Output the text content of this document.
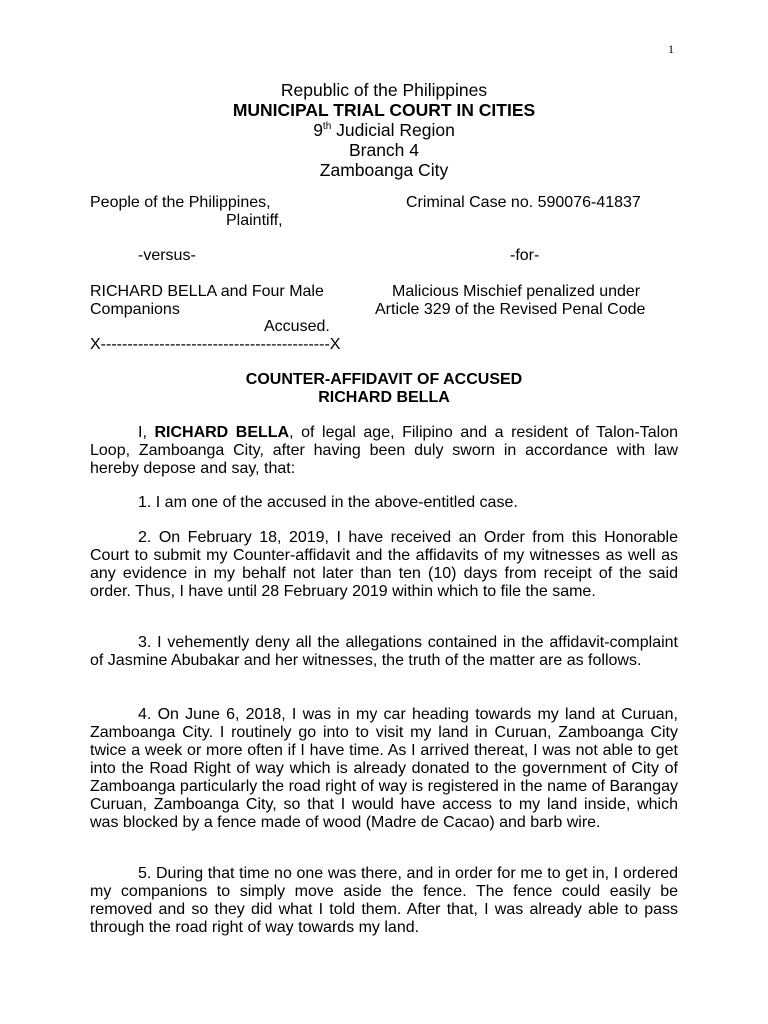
1
Republic of the Philippines
MUNICIPAL TRIAL COURT IN CITIES
9th Judicial Region
Branch 4
Zamboanga City
People of the Philippines,
Plaintiff,
Criminal Case no. 590076-41837
-versus-	-for-
RICHARD BELLA and Four Male
Companions
Malicious Mischief penalized under
Article 329 of the Revised Penal Code
Accused.
X-------------------------------------------X
COUNTER-AFFIDAVIT OF ACCUSED
RICHARD BELLA
I, RICHARD BELLA, of legal age, Filipino and a resident of Talon-Talon Loop, Zamboanga City, after having been duly sworn in accordance with law hereby depose and say, that:
1. I am one of the accused in the above-entitled case.
2. On February 18, 2019, I have received an Order from this Honorable Court to submit my Counter-affidavit and the affidavits of my witnesses as well as any evidence in my behalf not later than ten (10) days from receipt of the said order. Thus, I have until 28 February 2019 within which to file the same.
3. I vehemently deny all the allegations contained in the affidavit-complaint of Jasmine Abubakar and her witnesses, the truth of the matter are as follows.
4. On June 6, 2018, I was in my car heading towards my land at Curuan, Zamboanga City. I routinely go into to visit my land in Curuan, Zamboanga City twice a week or more often if I have time. As I arrived thereat, I was not able to get into the Road Right of way which is already donated to the government of City of Zamboanga particularly the road right of way is registered in the name of Barangay Curuan, Zamboanga City, so that I would have access to my land inside, which was blocked by a fence made of wood (Madre de Cacao) and barb wire.
5. During that time no one was there, and in order for me to get in, I ordered my companions to simply move aside the fence. The fence could easily be removed and so they did what I told them. After that, I was already able to pass through the road right of way towards my land.
